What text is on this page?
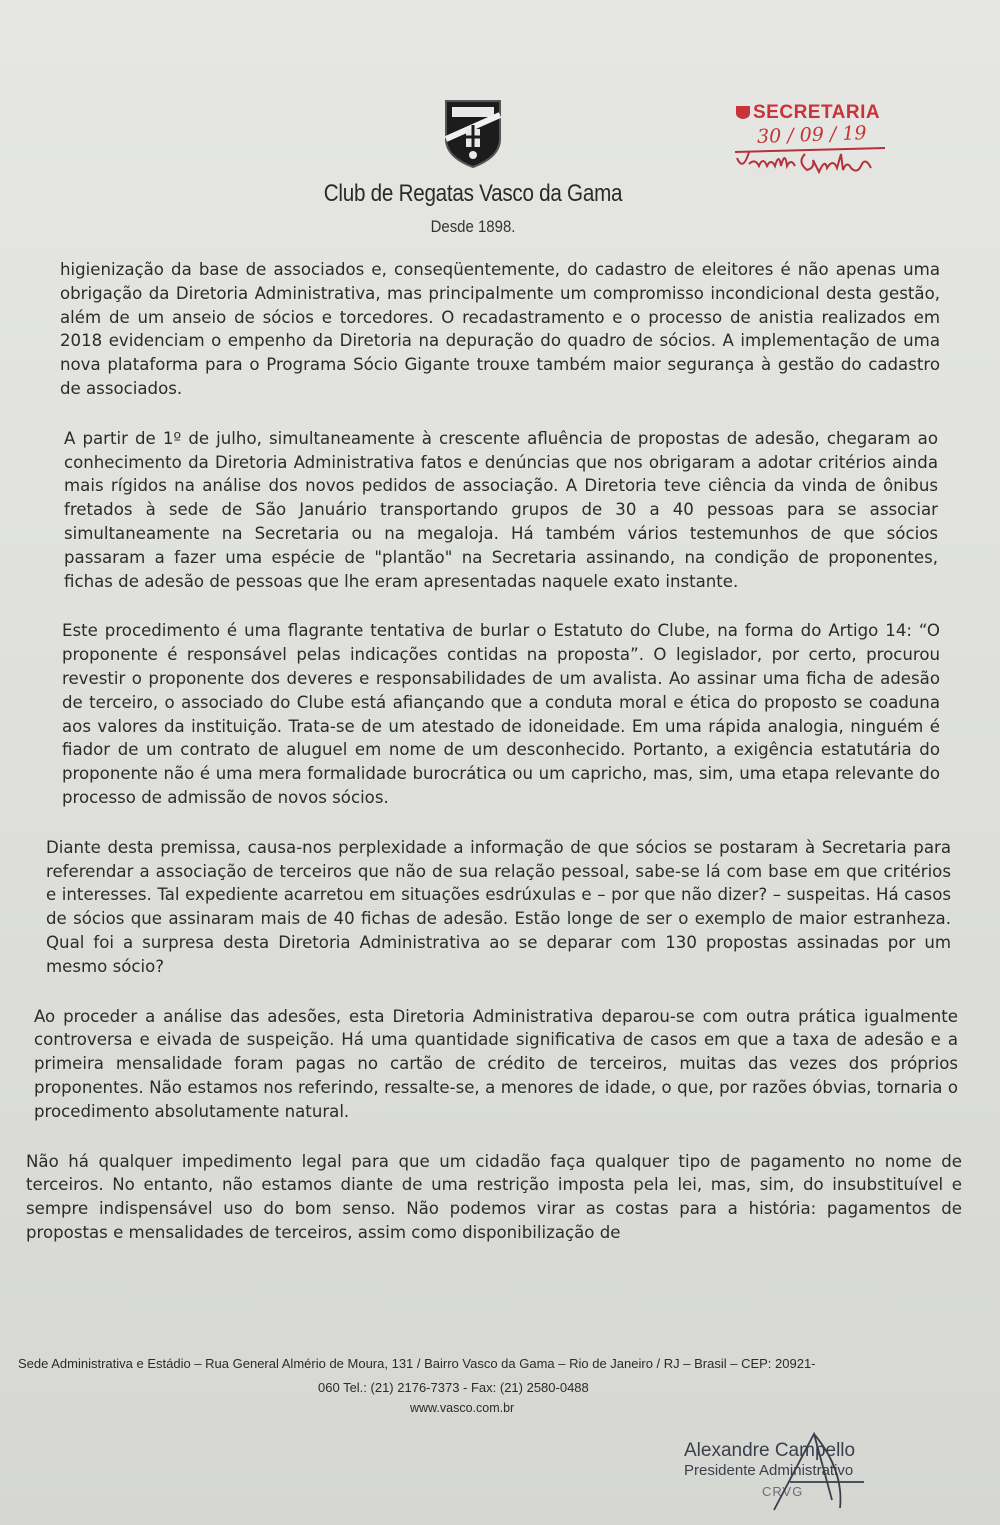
Club de Regatas Vasco da Gama
Desde 1898.
SECRETARIA
30 / 09 / 19

higienização da base de associados e, conseqüentemente, do cadastro de eleitores é não apenas uma obrigação da Diretoria Administrativa, mas principalmente um compromisso incondicional desta gestão, além de um anseio de sócios e torcedores. O recadastramento e o processo de anistia realizados em 2018 evidenciam o empenho da Diretoria na depuração do quadro de sócios. A implementação de uma nova plataforma para o Programa Sócio Gigante trouxe também maior segurança à gestão do cadastro de associados.

A partir de 1º de julho, simultaneamente à crescente afluência de propostas de adesão, chegaram ao conhecimento da Diretoria Administrativa fatos e denúncias que nos obrigaram a adotar critérios ainda mais rígidos na análise dos novos pedidos de associação. A Diretoria teve ciência da vinda de ônibus fretados à sede de São Januário transportando grupos de 30 a 40 pessoas para se associar simultaneamente na Secretaria ou na megaloja. Há também vários testemunhos de que sócios passaram a fazer uma espécie de "plantão" na Secretaria assinando, na condição de proponentes, fichas de adesão de pessoas que lhe eram apresentadas naquele exato instante.

Este procedimento é uma flagrante tentativa de burlar o Estatuto do Clube, na forma do Artigo 14: “O proponente é responsável pelas indicações contidas na proposta”. O legislador, por certo, procurou revestir o proponente dos deveres e responsabilidades de um avalista. Ao assinar uma ficha de adesão de terceiro, o associado do Clube está afiançando que a conduta moral e ética do proposto se coaduna aos valores da instituição. Trata-se de um atestado de idoneidade. Em uma rápida analogia, ninguém é fiador de um contrato de aluguel em nome de um desconhecido. Portanto, a exigência estatutária do proponente não é uma mera formalidade burocrática ou um capricho, mas, sim, uma etapa relevante do processo de admissão de novos sócios.

Diante desta premissa, causa-nos perplexidade a informação de que sócios se postaram à Secretaria para referendar a associação de terceiros que não de sua relação pessoal, sabe-se lá com base em que critérios e interesses. Tal expediente acarretou em situações esdrúxulas e – por que não dizer? – suspeitas. Há casos de sócios que assinaram mais de 40 fichas de adesão. Estão longe de ser o exemplo de maior estranheza. Qual foi a surpresa desta Diretoria Administrativa ao se deparar com 130 propostas assinadas por um mesmo sócio?

Ao proceder a análise das adesões, esta Diretoria Administrativa deparou-se com outra prática igualmente controversa e eivada de suspeição. Há uma quantidade significativa de casos em que a taxa de adesão e a primeira mensalidade foram pagas no cartão de crédito de terceiros, muitas das vezes dos próprios proponentes. Não estamos nos referindo, ressalte-se, a menores de idade, o que, por razões óbvias, tornaria o procedimento absolutamente natural.

Não há qualquer impedimento legal para que um cidadão faça qualquer tipo de pagamento no nome de terceiros. No entanto, não estamos diante de uma restrição imposta pela lei, mas, sim, do insubstituível e sempre indispensável uso do bom senso. Não podemos virar as costas para a história: pagamentos de propostas e mensalidades de terceiros, assim como disponibilização de

Sede Administrativa e Estádio – Rua General Almério de Moura, 131 / Bairro Vasco da Gama – Rio de Janeiro / RJ – Brasil – CEP: 20921-
060 Tel.: (21) 2176-7373 - Fax: (21) 2580-0488
www.vasco.com.br
Alexandre Campello
Presidente Administrativo
CRVG
